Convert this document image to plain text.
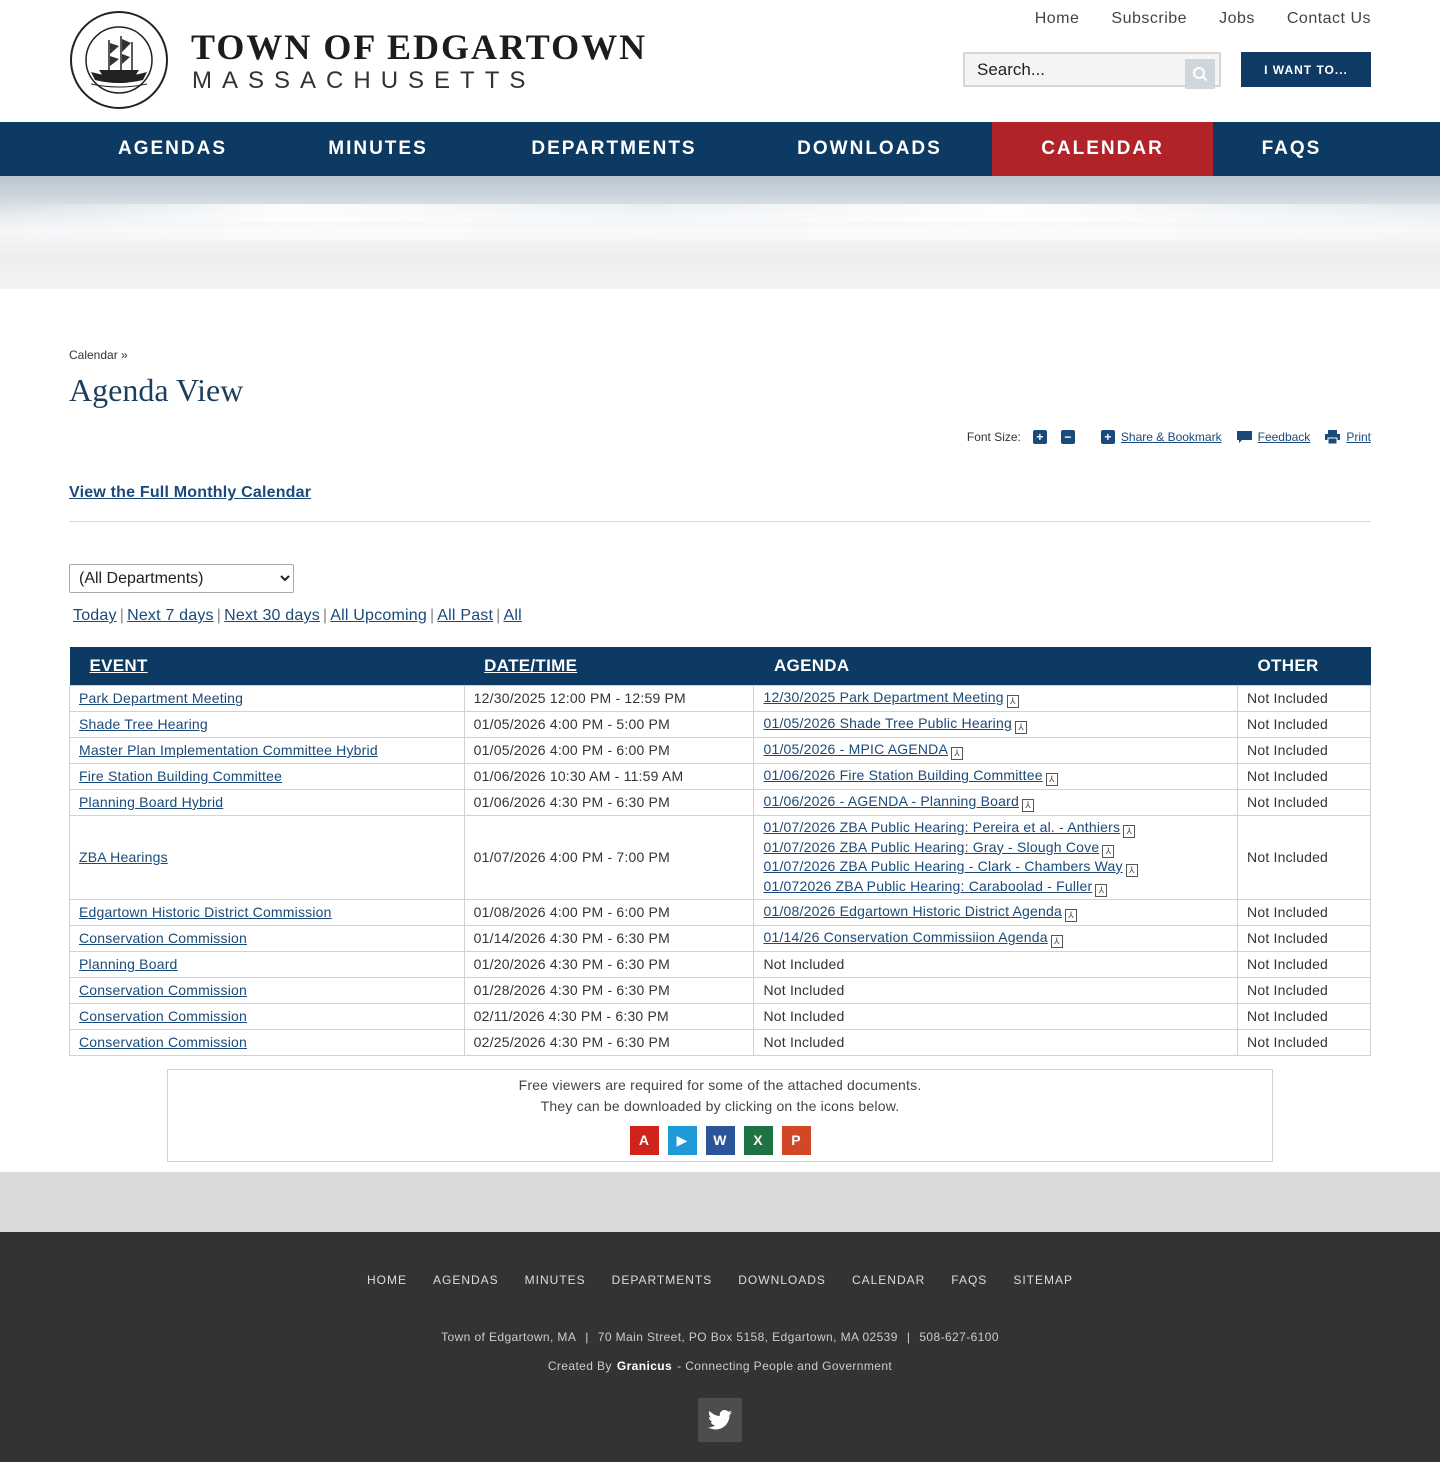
TOWN OF EDGARTOWN
MASSACHUSETTS
Home Subscribe Jobs Contact Us
Search...
I WANT TO...
AGENDAS	MINUTES	DEPARTMENTS	DOWNLOADS	CALENDAR	FAQS
Calendar »
Agenda View
Font Size: + −	+ Share & Bookmark	Feedback	Print
View the Full Monthly Calendar
(All Departments)
Today | Next 7 days | Next 30 days | All Upcoming | All Past | All
EVENT	DATE/TIME	AGENDA	OTHER
Park Department Meeting	12/30/2025 12:00 PM - 12:59 PM	12/30/2025 Park Department Meeting ⅄	Not Included
Shade Tree Hearing	01/05/2026 4:00 PM - 5:00 PM	01/05/2026 Shade Tree Public Hearing ⅄	Not Included
Master Plan Implementation Committee Hybrid	01/05/2026 4:00 PM - 6:00 PM	01/05/2026 - MPIC AGENDA ⅄	Not Included
Fire Station Building Committee	01/06/2026 10:30 AM - 11:59 AM	01/06/2026 Fire Station Building Committee ⅄	Not Included
Planning Board Hybrid	01/06/2026 4:30 PM - 6:30 PM	01/06/2026 - AGENDA - Planning Board ⅄	Not Included
ZBA Hearings	01/07/2026 4:00 PM - 7:00 PM	01/07/2026 ZBA Public Hearing: Pereira et al. - Anthiers ⅄
01/07/2026 ZBA Public Hearing: Gray - Slough Cove ⅄
01/07/2026 ZBA Public Hearing - Clark - Chambers Way ⅄
01/072026 ZBA Public Hearing: Caraboolad - Fuller ⅄	Not Included
Edgartown Historic District Commission	01/08/2026 4:00 PM - 6:00 PM	01/08/2026 Edgartown Historic District Agenda ⅄	Not Included
Conservation Commission	01/14/2026 4:30 PM - 6:30 PM	01/14/26 Conservation Commissiion Agenda ⅄	Not Included
Planning Board	01/20/2026 4:30 PM - 6:30 PM	Not Included	Not Included
Conservation Commission	01/28/2026 4:30 PM - 6:30 PM	Not Included	Not Included
Conservation Commission	02/11/2026 4:30 PM - 6:30 PM	Not Included	Not Included
Conservation Commission	02/25/2026 4:30 PM - 6:30 PM	Not Included	Not Included
Free viewers are required for some of the attached documents.
They can be downloaded by clicking on the icons below.
A	▶	W	X	P
HOME AGENDAS MINUTES DEPARTMENTS DOWNLOADS CALENDAR FAQS SITEMAP
Town of Edgartown, MA | 70 Main Street, PO Box 5158, Edgartown, MA 02539 | 508-627-6100
Created By Granicus - Connecting People and Government
